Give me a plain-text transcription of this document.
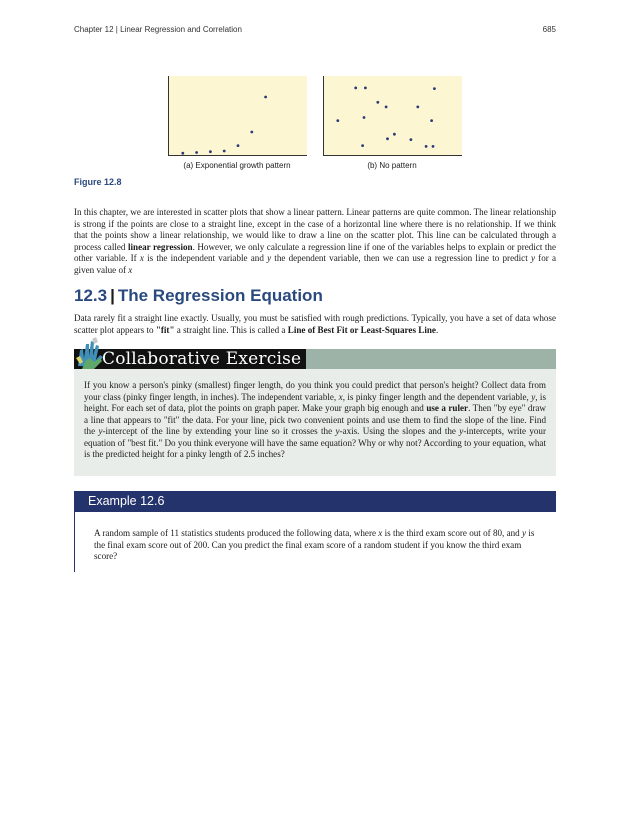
Chapter 12 | Linear Regression and Correlation	685
(a) Exponential growth pattern	(b) No pattern
Figure 12.8
In this chapter, we are interested in scatter plots that show a linear pattern. Linear patterns are quite common. The linear relationship is strong if the points are close to a straight line, except in the case of a horizontal line where there is no relationship. If we think that the points show a linear relationship, we would like to draw a line on the scatter plot. This line can be calculated through a process called linear regression. However, we only calculate a regression line if one of the variables helps to explain or predict the other variable. If x is the independent variable and y the dependent variable, then we can use a regression line to predict y for a given value of x
12.3 | The Regression Equation
Data rarely fit a straight line exactly. Usually, you must be satisfied with rough predictions. Typically, you have a set of data whose scatter plot appears to "fit" a straight line. This is called a Line of Best Fit or Least-Squares Line.
Collaborative Exercise
If you know a person's pinky (smallest) finger length, do you think you could predict that person's height? Collect data from your class (pinky finger length, in inches). The independent variable, x, is pinky finger length and the dependent variable, y, is height. For each set of data, plot the points on graph paper. Make your graph big enough and use a ruler. Then "by eye" draw a line that appears to "fit" the data. For your line, pick two convenient points and use them to find the slope of the line. Find the y-intercept of the line by extending your line so it crosses the y-axis. Using the slopes and the y-intercepts, write your equation of "best fit." Do you think everyone will have the same equation? Why or why not? According to your equation, what is the predicted height for a pinky length of 2.5 inches?
Example 12.6
A random sample of 11 statistics students produced the following data, where x is the third exam score out of 80, and y is the final exam score out of 200. Can you predict the final exam score of a random student if you know the third exam score?
